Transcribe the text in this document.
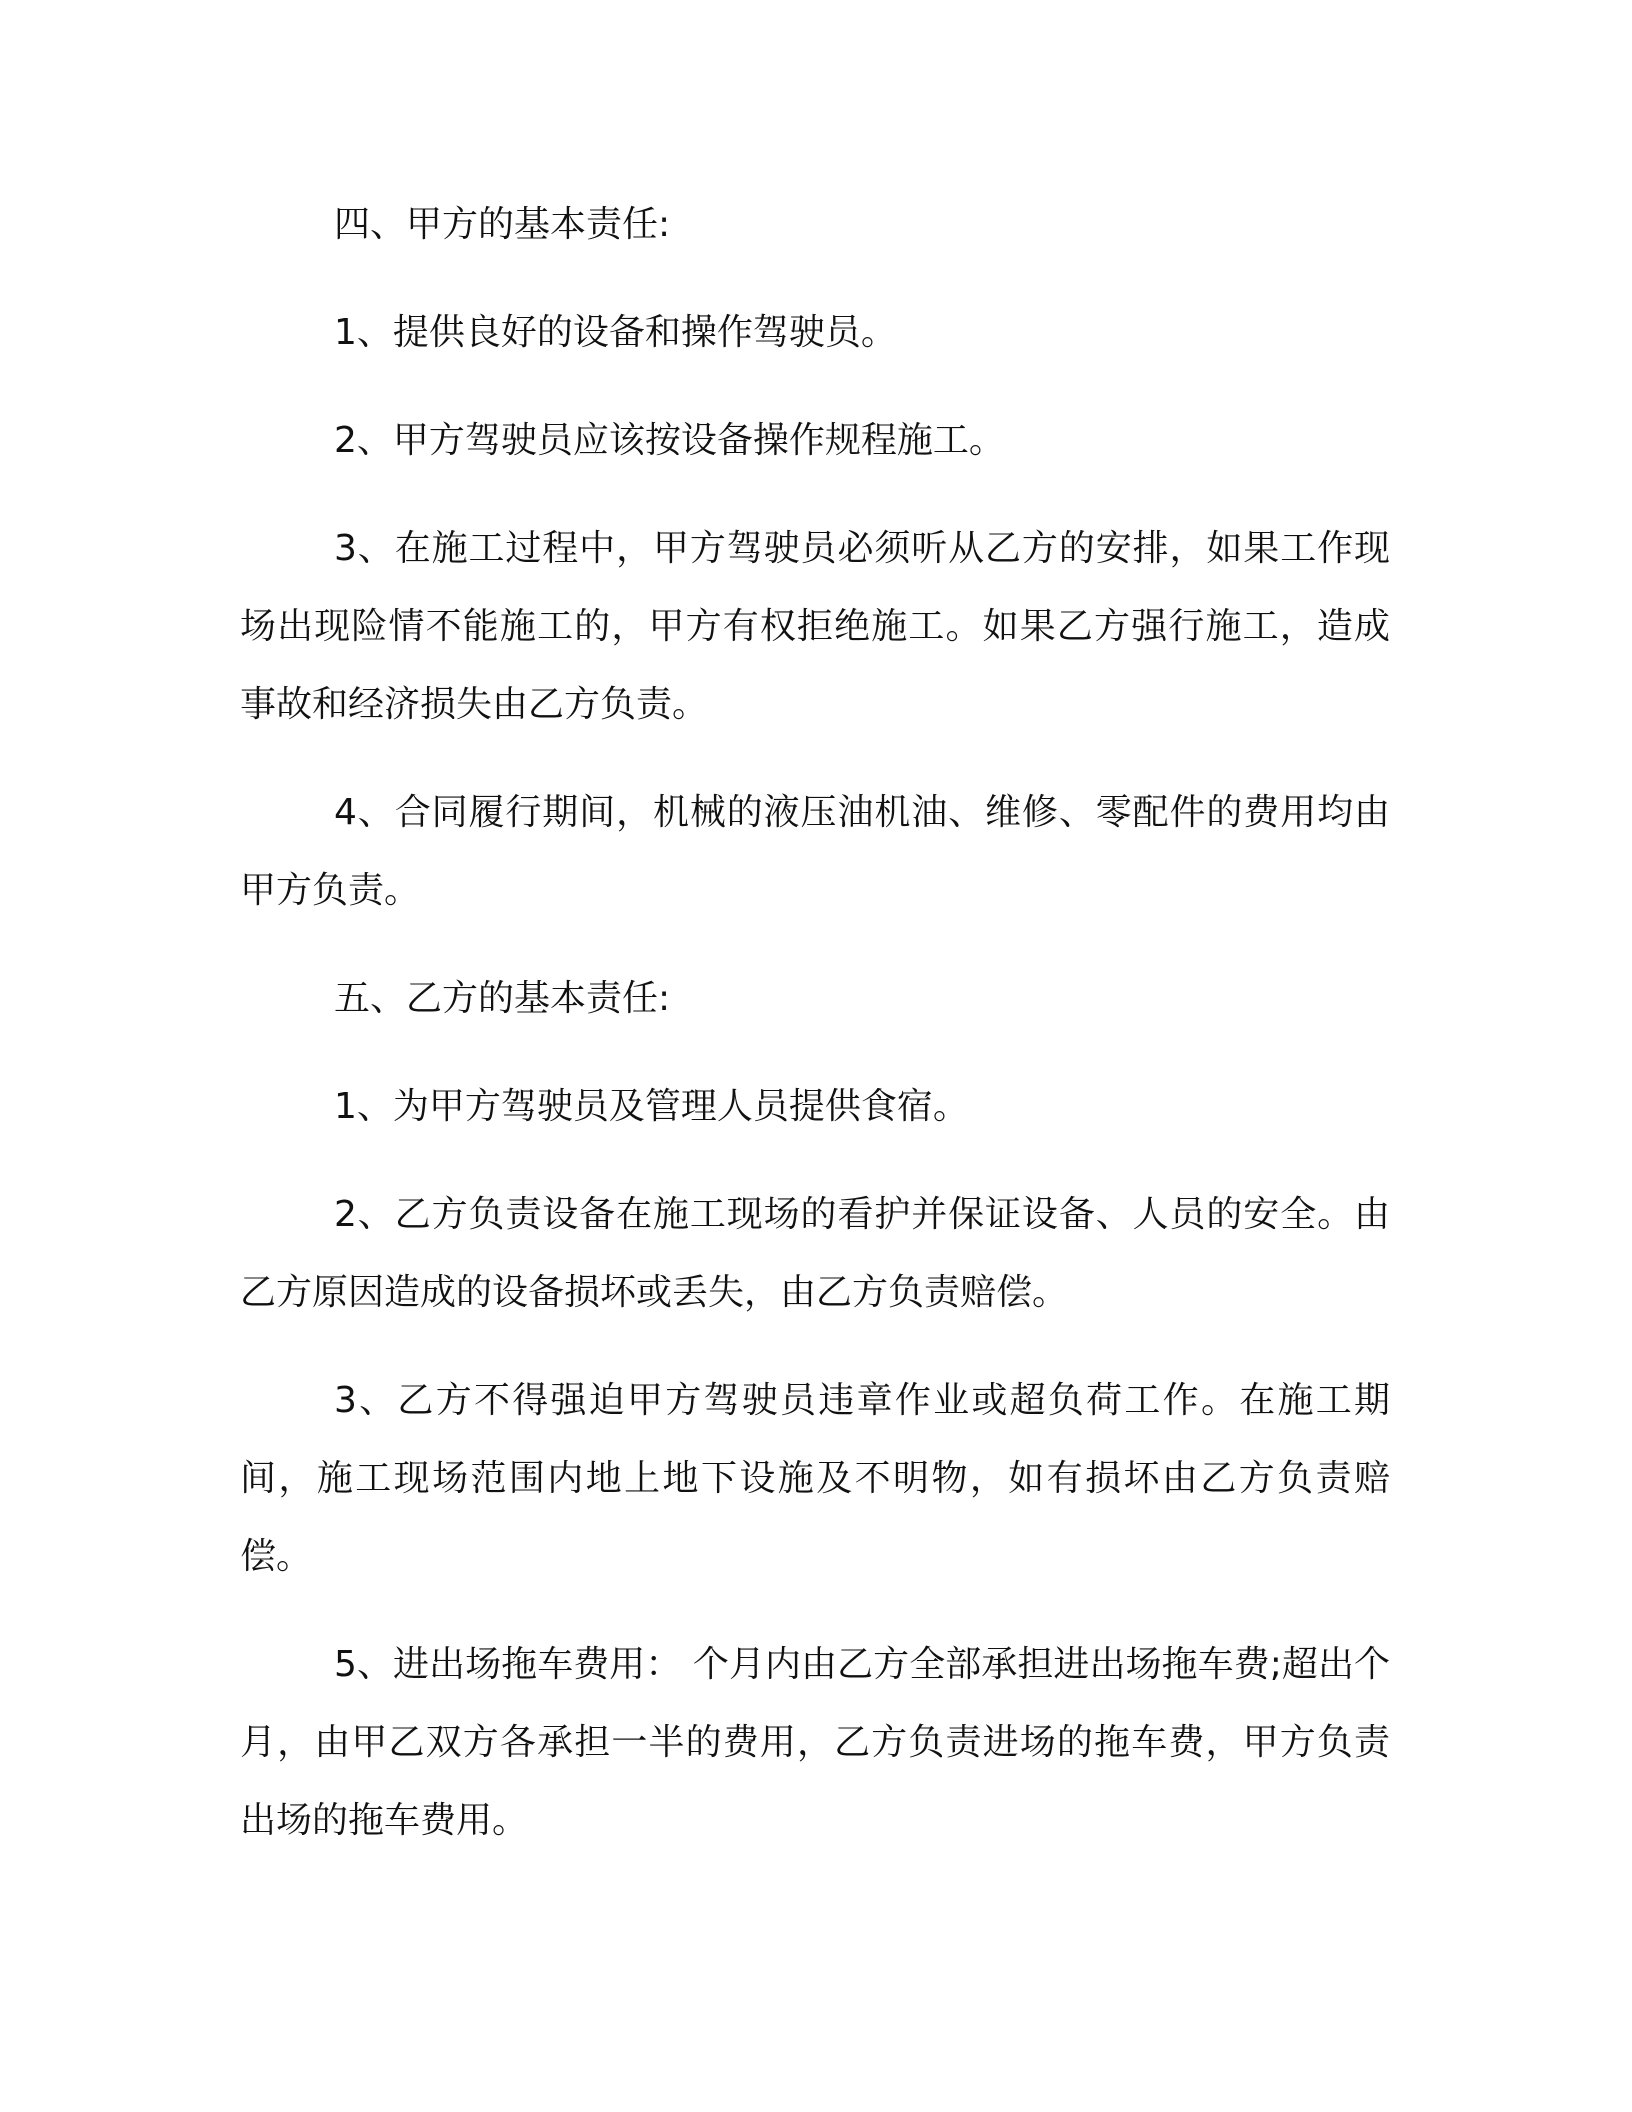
四、甲方的基本责任:

1、提供良好的设备和操作驾驶员。

2、甲方驾驶员应该按设备操作规程施工。

3、在施工过程中，甲方驾驶员必须听从乙方的安排，如果工作现场出现险情不能施工的，甲方有权拒绝施工。如果乙方强行施工，造成事故和经济损失由乙方负责。

4、合同履行期间，机械的液压油机油、维修、零配件的费用均由甲方负责。

五、乙方的基本责任:

1、为甲方驾驶员及管理人员提供食宿。

2、乙方负责设备在施工现场的看护并保证设备、人员的安全。由乙方原因造成的设备损坏或丢失，由乙方负责赔偿。

3、乙方不得强迫甲方驾驶员违章作业或超负荷工作。在施工期间，施工现场范围内地上地下设施及不明物，如有损坏由乙方负责赔偿。

5、进出场拖车费用： 个月内由乙方全部承担进出场拖车费;超出个月，由甲乙双方各承担一半的费用，乙方负责进场的拖车费，甲方负责出场的拖车费用。
